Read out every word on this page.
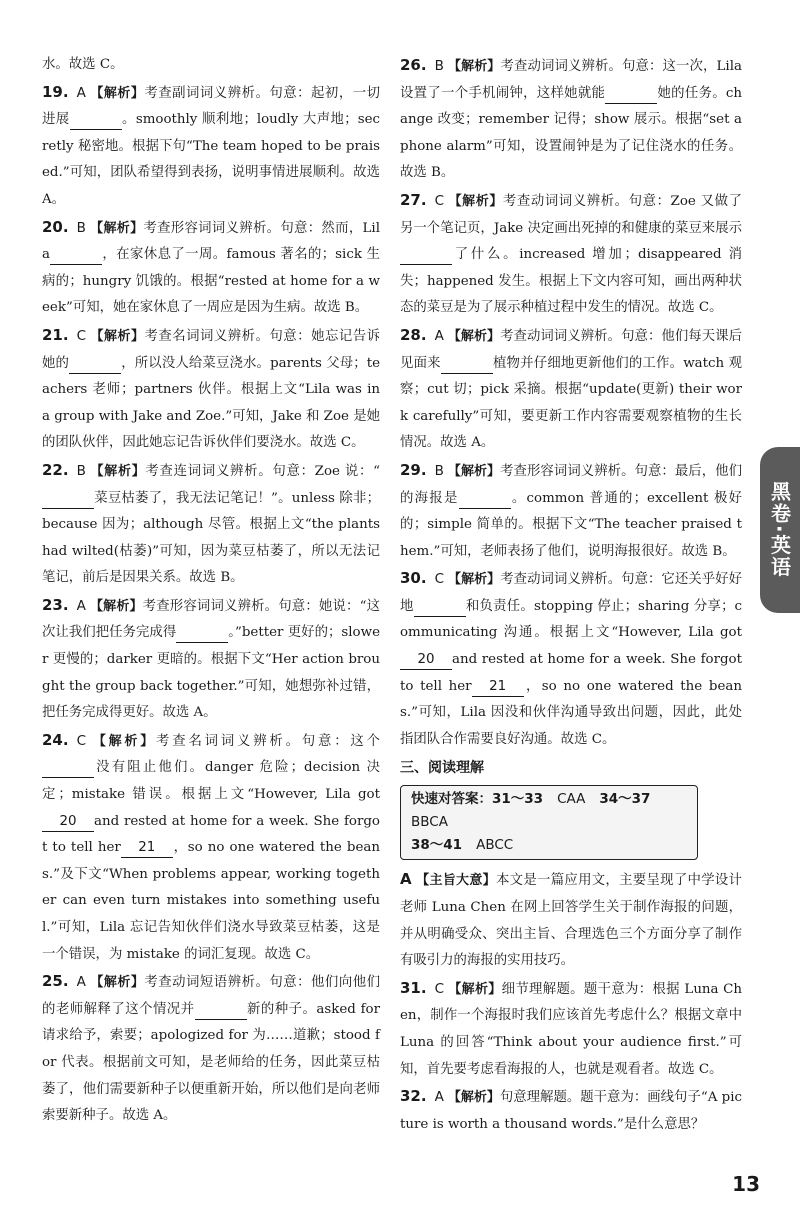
水。故选 C。

19. A 【解析】考查副词词义辨析。句意：起初，一切进展	。smoothly 顺利地；loudly 大声地；secretly 秘密地。根据下句“The team hoped to be praised.”可知，团队希望得到表扬，说明事情进展顺利。故选 A。

20. B 【解析】考查形容词词义辨析。句意：然而，Lila	，在家休息了一周。famous 著名的；sick 生病的；hungry 饥饿的。根据“rested at home for a week”可知，她在家休息了一周应是因为生病。故选 B。

21. C 【解析】考查名词词义辨析。句意：她忘记告诉她的	，所以没人给菜豆浇水。parents 父母；teachers 老师；partners 伙伴。根据上文“Lila was in a group with Jake and Zoe.”可知，Jake 和 Zoe 是她的团队伙伴，因此她忘记告诉伙伴们要浇水。故选 C。

22. B 【解析】考查连词词义辨析。句意：Zoe 说：“ 菜豆枯萎了，我无法记笔记！”。unless 除非；because 因为；although 尽管。根据上文“the plants had wilted(枯萎)”可知，因为菜豆枯萎了，所以无法记笔记，前后是因果关系。故选 B。

23. A 【解析】考查形容词词义辨析。句意：她说：“这次让我们把任务完成得	。”better 更好的；slower 更慢的；darker 更暗的。根据下文“Her action brought the group back together.”可知，她想弥补过错，把任务完成得更好。故选 A。

24. C 【解析】考查名词词义辨析。句意：这个 没有阻止他们。danger 危险；decision 决定；mistake 错误。根据上文“However, Lila got20 and rested at home for a week. She forgot to tell her 21 ，so no one watered the beans.”及下文“When problems appear, working together can even turn mistakes into something useful.”可知，Lila 忘记告知伙伴们浇水导致菜豆枯萎，这是一个错误，为 mistake 的词汇复现。故选 C。

25. A 【解析】考查动词短语辨析。句意：他们向他们的老师解释了这个情况并	新的种子。asked for 请求给予，索要；apologized for 为……道歉；stood for 代表。根据前文可知，是老师给的任务，因此菜豆枯萎了，他们需要新种子以便重新开始，所以他们是向老师索要新种子。故选 A。

26. B 【解析】考查动词词义辨析。句意：这一次，Lila 设置了一个手机闹钟，这样她就能	她的任务。change 改变；remember 记得；show 展示。根据“set a phone alarm”可知，设置闹钟是为了记住浇水的任务。故选 B。

27. C 【解析】考查动词词义辨析。句意：Zoe 又做了另一个笔记页，Jake 决定画出死掉的和健康的菜豆来展示 了什么。increased 增加；disappeared 消失；happened 发生。根据上下文内容可知，画出两种状态的菜豆是为了展示种植过程中发生的情况。故选 C。

28. A 【解析】考查动词词义辨析。句意：他们每天课后见面来	植物并仔细地更新他们的工作。watch 观察；cut 切；pick 采摘。根据“update(更新) their work carefully”可知，要更新工作内容需要观察植物的生长情况。故选 A。

29. B 【解析】考查形容词词义辨析。句意：最后，他们的海报是	。common 普通的；excellent 极好的；simple 简单的。根据下文“The teacher praised them.”可知，老师表扬了他们，说明海报很好。故选 B。

30. C 【解析】考查动词词义辨析。句意：它还关乎好好地	和负责任。stopping 停止；sharing 分享；communicating 沟通。根据上文“However, Lila got20 and rested at home for a week. She forgot to tell her 21 ，so no one watered the beans.”可知，Lila 因没和伙伴沟通导致出问题，因此，此处指团队合作需要良好沟通。故选 C。

三、阅读理解
快速对答案：31～33 CAA 34～37BBCA
38～41 ABCC

A 【主旨大意】本文是一篇应用文，主要呈现了中学设计老师 Luna Chen 在网上回答学生关于制作海报的问题，并从明确受众、突出主旨、合理选色三个方面分享了制作有吸引力的海报的实用技巧。

31. C 【解析】细节理解题。题干意为：根据 Luna Chen，制作一个海报时我们应该首先考虑什么？根据文章中 Luna 的回答“Think about your audience first.”可知，首先要考虑看海报的人，也就是观看者。故选 C。

32. A 【解析】句意理解题。题干意为：画线句子“A picture is worth a thousand words.”是什么意思？

黑卷·英语
13
